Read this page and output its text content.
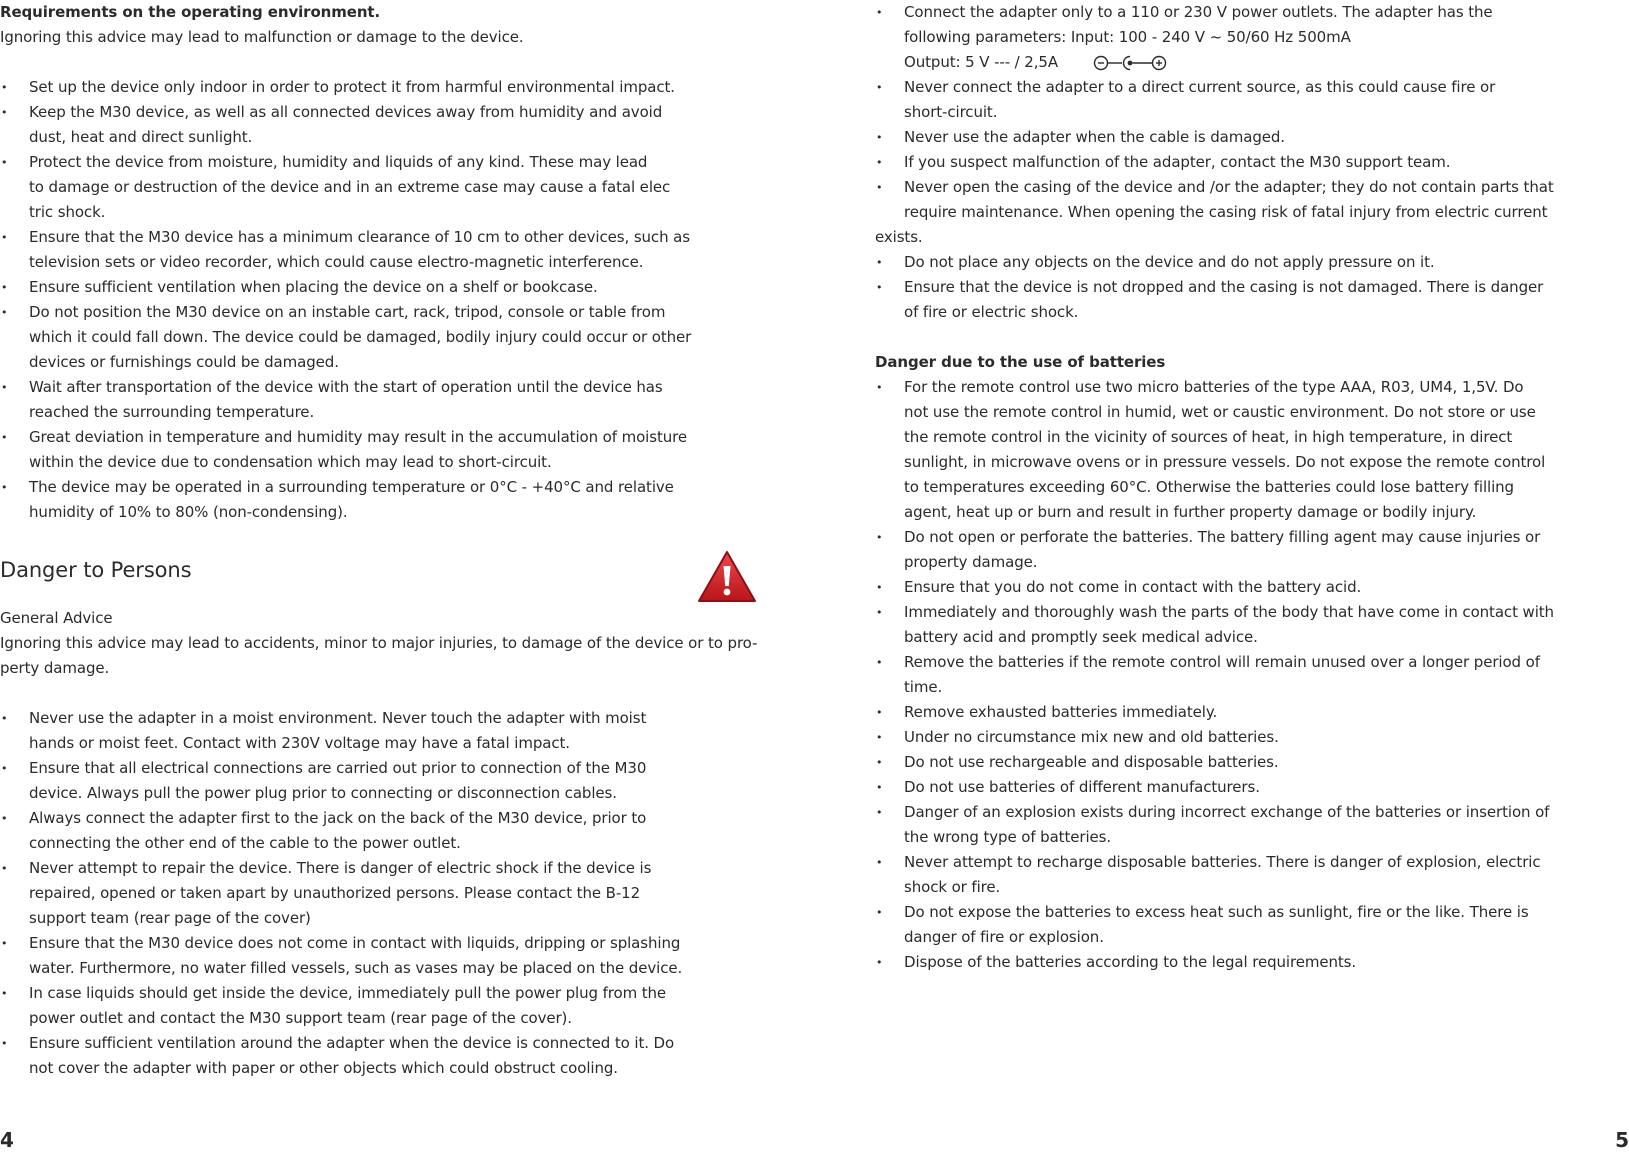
Requirements on the operating environment.

Ignoring this advice may lead to malfunction or damage to the device.

• Set up the device only indoor in order to protect it from harmful environmental impact.
• Keep the M30 device, as well as all connected devices away from humidity and avoid
dust, heat and direct sunlight.
• Protect the device from moisture, humidity and liquids of any kind. These may lead
to damage or destruction of the device and in an extreme case may cause a fatal elec
tric shock.
• Ensure that the M30 device has a minimum clearance of 10 cm to other devices, such as
television sets or video recorder, which could cause electro-magnetic interference.
• Ensure sufficient ventilation when placing the device on a shelf or bookcase.
• Do not position the M30 device on an instable cart, rack, tripod, console or table from
which it could fall down. The device could be damaged, bodily injury could occur or other
devices or furnishings could be damaged.
• Wait after transportation of the device with the start of operation until the device has
reached the surrounding temperature.
• Great deviation in temperature and humidity may result in the accumulation of moisture
within the device due to condensation which may lead to short-circuit.
• The device may be operated in a surrounding temperature or 0°C - +40°C and relative
humidity of 10% to 80% (non-condensing).

Danger to Persons

General Advice

Ignoring this advice may lead to accidents, minor to major injuries, to damage of the device or to pro-

perty damage.

• Never use the adapter in a moist environment. Never touch the adapter with moist
hands or moist feet. Contact with 230V voltage may have a fatal impact.
• Ensure that all electrical connections are carried out prior to connection of the M30
device. Always pull the power plug prior to connecting or disconnection cables.
• Always connect the adapter first to the jack on the back of the M30 device, prior to
connecting the other end of the cable to the power outlet.
• Never attempt to repair the device. There is danger of electric shock if the device is
repaired, opened or taken apart by unauthorized persons. Please contact the B-12
support team (rear page of the cover)
• Ensure that the M30 device does not come in contact with liquids, dripping or splashing
water. Furthermore, no water filled vessels, such as vases may be placed on the device.
• In case liquids should get inside the device, immediately pull the power plug from the
power outlet and contact the M30 support team (rear page of the cover).
• Ensure sufficient ventilation around the adapter when the device is connected to it. Do
not cover the adapter with paper or other objects which could obstruct cooling.
4
• Connect the adapter only to a 110 or 230 V power outlets. The adapter has the
following parameters: Input: 100 - 240 V ~ 50/60 Hz 500mA
Output: 5 V --- / 2,5A
• Never connect the adapter to a direct current source, as this could cause fire or
short-circuit.
• Never use the adapter when the cable is damaged.
• If you suspect malfunction of the adapter, contact the M30 support team.
• Never open the casing of the device and /or the adapter; they do not contain parts that
require maintenance. When opening the casing risk of fatal injury from electric current

exists.

• Do not place any objects on the device and do not apply pressure on it.
• Ensure that the device is not dropped and the casing is not damaged. There is danger
of fire or electric shock.

Danger due to the use of batteries

• For the remote control use two micro batteries of the type AAA, R03, UM4, 1,5V. Do
not use the remote control in humid, wet or caustic environment. Do not store or use
the remote control in the vicinity of sources of heat, in high temperature, in direct
sunlight, in microwave ovens or in pressure vessels. Do not expose the remote control
to temperatures exceeding 60°C. Otherwise the batteries could lose battery filling
agent, heat up or burn and result in further property damage or bodily injury.
• Do not open or perforate the batteries. The battery filling agent may cause injuries or
property damage.
• Ensure that you do not come in contact with the battery acid.
• Immediately and thoroughly wash the parts of the body that have come in contact with
battery acid and promptly seek medical advice.
• Remove the batteries if the remote control will remain unused over a longer period of
time.
• Remove exhausted batteries immediately.
• Under no circumstance mix new and old batteries.
• Do not use rechargeable and disposable batteries.
• Do not use batteries of different manufacturers.
• Danger of an explosion exists during incorrect exchange of the batteries or insertion of
the wrong type of batteries.
• Never attempt to recharge disposable batteries. There is danger of explosion, electric
shock or fire.
• Do not expose the batteries to excess heat such as sunlight, fire or the like. There is
danger of fire or explosion.
• Dispose of the batteries according to the legal requirements.
5
